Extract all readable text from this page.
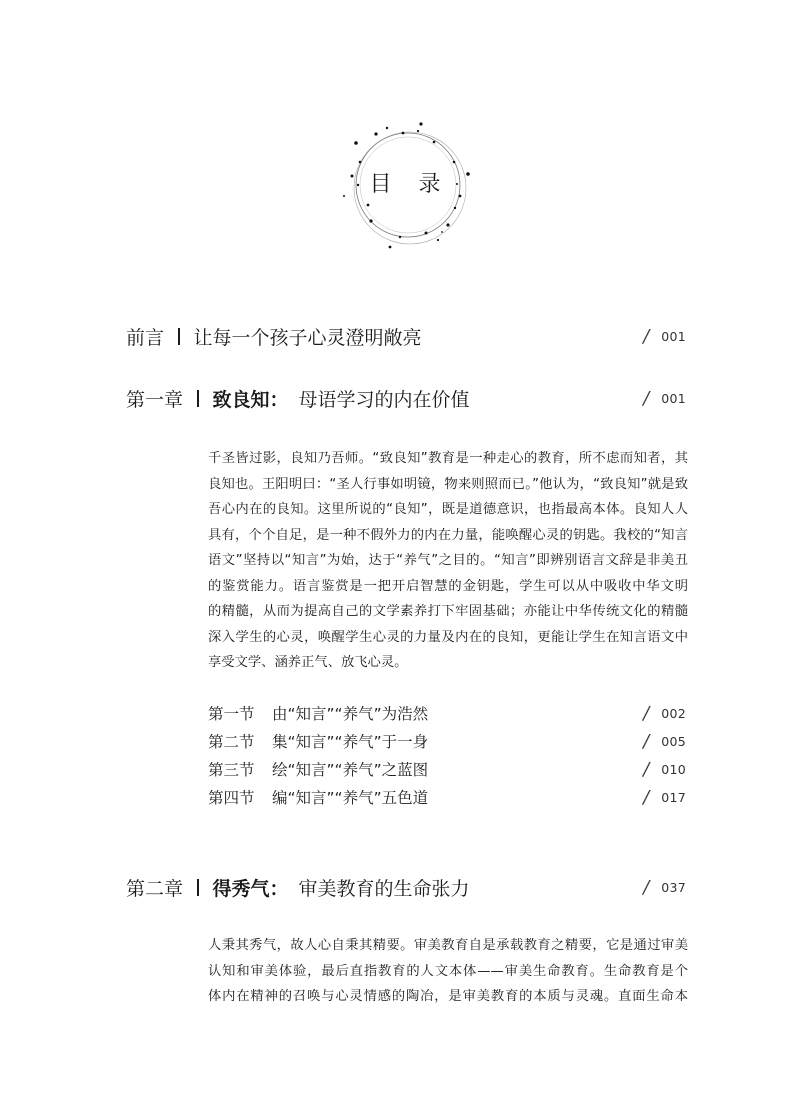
目 录
前言 让每一个孩子心灵澄明敞亮	/ 001
第一章 致良知： 母语学习的内在价值	/ 001
千圣皆过影，良知乃吾师。“致良知”教育是一种走心的教育，所不虑而知者，其
良知也。王阳明曰：“圣人行事如明镜，物来则照而已。”他认为，“致良知”就是致
吾心内在的良知。这里所说的“良知”，既是道德意识，也指最高本体。良知人人
具有，个个自足，是一种不假外力的内在力量，能唤醒心灵的钥匙。我校的“知言
语文”坚持以“知言”为始，达于“养气”之目的。“知言”即辨别语言文辞是非美丑
的鉴赏能力。语言鉴赏是一把开启智慧的金钥匙，学生可以从中吸收中华文明
的精髓，从而为提高自己的文学素养打下牢固基础；亦能让中华传统文化的精髓
深入学生的心灵，唤醒学生心灵的力量及内在的良知，更能让学生在知言语文中
享受文学、涵养正气、放飞心灵。
第一节	由“知言”“养气”为浩然	/ 002
第二节	集“知言”“养气”于一身	/ 005
第三节	绘“知言”“养气”之蓝图	/ 010
第四节	编“知言”“养气”五色道	/ 017
第二章 得秀气： 审美教育的生命张力	/ 037
人秉其秀气，故人心自秉其精要。审美教育自是承载教育之精要，它是通过审美
认知和审美体验，最后直指教育的人文本体——审美生命教育。生命教育是个
体内在精神的召唤与心灵情感的陶冶，是审美教育的本质与灵魂。直面生命本
